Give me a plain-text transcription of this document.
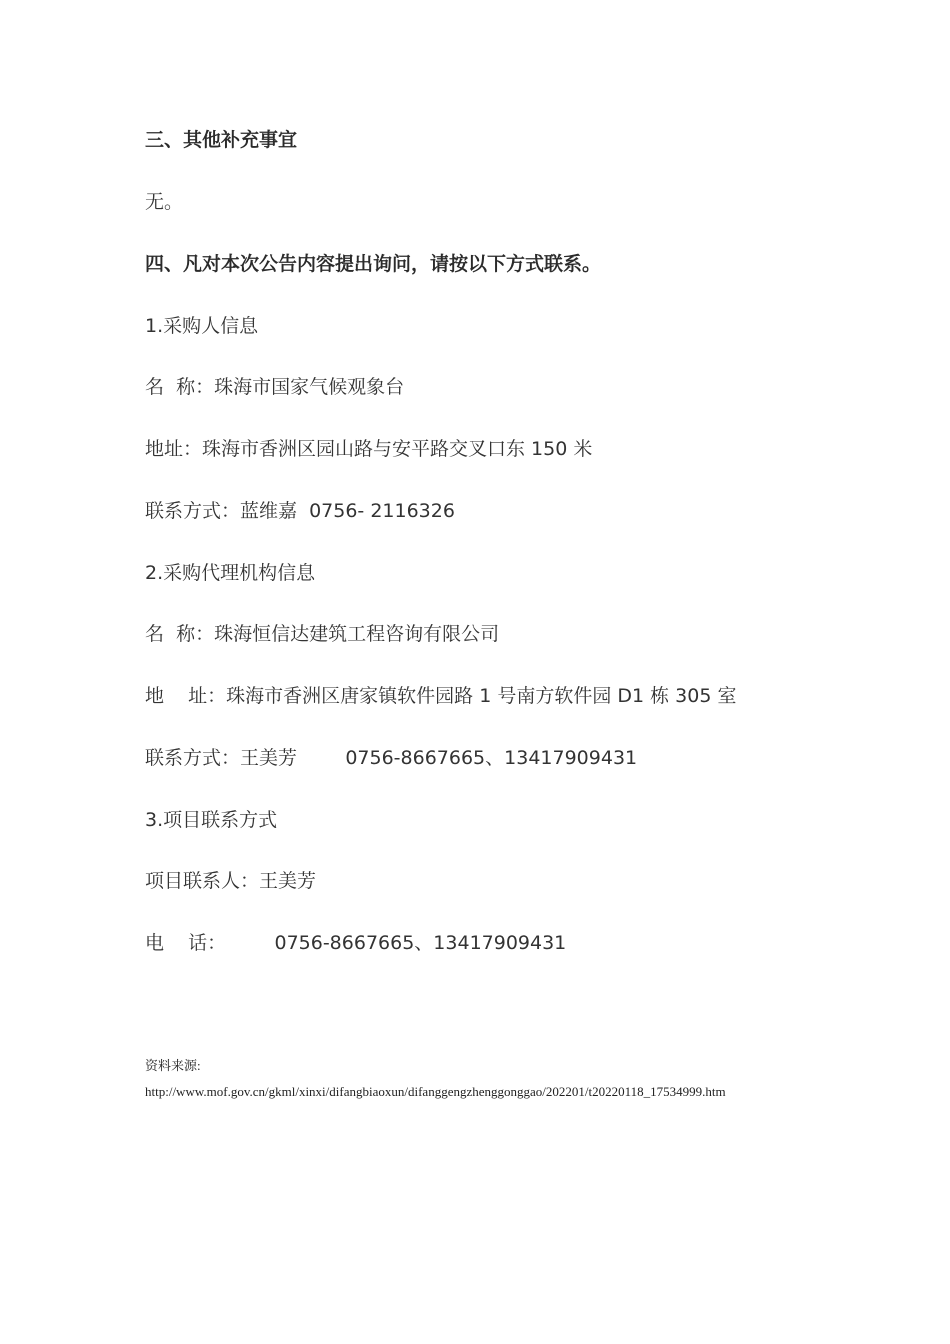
三、其他补充事宜
无。
四、凡对本次公告内容提出询问，请按以下方式联系。
1.采购人信息
名  称：珠海市国家气候观象台
地址：珠海市香洲区园山路与安平路交叉口东 150 米
联系方式：蓝维嘉  0756- 2116326
2.采购代理机构信息
名  称：珠海恒信达建筑工程咨询有限公司
地    址：珠海市香洲区唐家镇软件园路 1 号南方软件园 D1 栋 305 室
联系方式：王美芳        0756-8667665、13417909431
3.项目联系方式
项目联系人：王美芳
电    话：        0756-8667665、13417909431
资料来源:
http://www.mof.gov.cn/gkml/xinxi/difangbiaoxun/difanggengzhenggonggao/202201/t20220118_17534999.htm
